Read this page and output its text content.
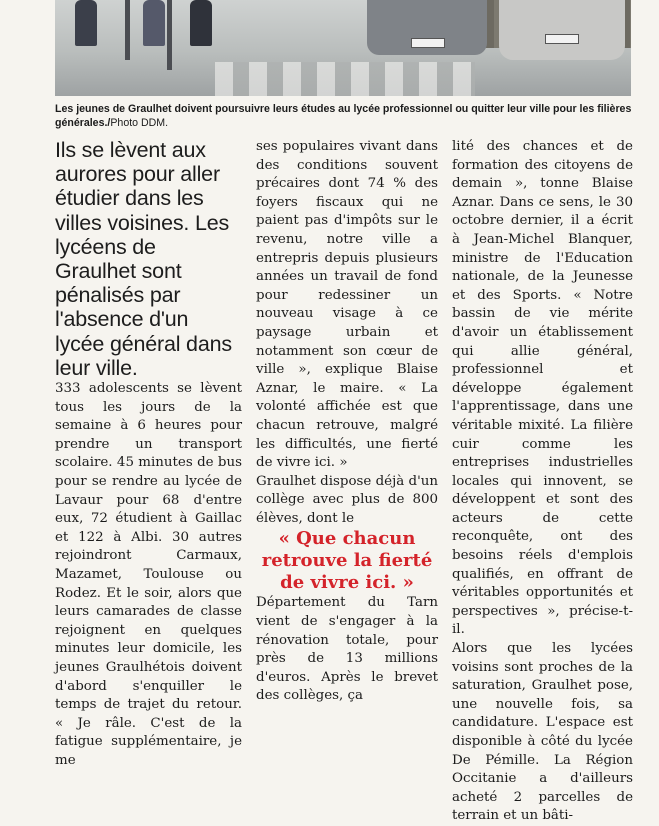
Les jeunes de Graulhet doivent poursuivre leurs études au lycée professionnel ou quitter leur ville pour les filières générales./Photo DDM.

Ils se lèvent aux aurores pour aller étudier dans les villes voisines. Les lycéens de Graulhet sont pénalisés par l'absence d'un lycée général dans leur ville.

333 adolescents se lèvent tous les jours de la semaine à 6 heures pour prendre un transport scolaire. 45 minutes de bus pour se rendre au lycée de Lavaur pour 68 d'entre eux, 72 étudient à Gaillac et 122 à Albi. 30 autres rejoindront Carmaux, Mazamet, Toulouse ou Rodez. Et le soir, alors que leurs camarades de classe rejoignent en quelques minutes leur domicile, les jeunes Graulhétois doivent d'abord s'enquiller le temps de trajet du retour. « Je râle. C'est de la fatigue supplémentaire, je me

ses populaires vivant dans des conditions souvent précaires dont 74 % des foyers fiscaux qui ne paient pas d'impôts sur le revenu, notre ville a entrepris depuis plusieurs années un travail de fond pour redessiner un nouveau visage à ce paysage urbain et notamment son cœur de ville », explique Blaise Aznar, le maire. « La volonté affichée est que chacun retrouve, malgré les difficultés, une fierté de vivre ici. »

Graulhet dispose déjà d'un collège avec plus de 800 élèves, dont le

« Que chacun retrouve la fierté de vivre ici. »

Département du Tarn vient de s'engager à la rénovation totale, pour près de 13 millions d'euros. Après le brevet des collèges, ça

lité des chances et de formation des citoyens de demain », tonne Blaise Aznar. Dans ce sens, le 30 octobre dernier, il a écrit à Jean-Michel Blanquer, ministre de l'Education nationale, de la Jeunesse et des Sports. « Notre bassin de vie mérite d'avoir un établissement qui allie général, professionnel et développe également l'apprentissage, dans une véritable mixité. La filière cuir comme les entreprises industrielles locales qui innovent, se développent et sont des acteurs de cette reconquête, ont des besoins réels d'emplois qualifiés, en offrant de véritables opportunités et perspectives », précise-t-il.

Alors que les lycées voisins sont proches de la saturation, Graulhet pose, une nouvelle fois, sa candidature. L'espace est disponible à côté du lycée De Pémille. La Région Occitanie a d'ailleurs acheté 2 parcelles de terrain et un bâti-
